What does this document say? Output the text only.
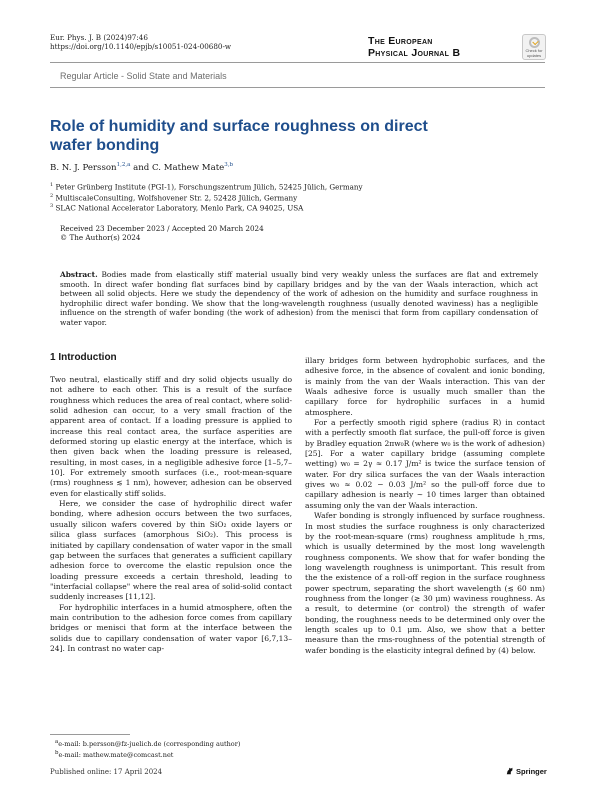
Eur. Phys. J. B (2024)97:46
https://doi.org/10.1140/epjb/s10051-024-00680-w	The European
Physical Journal B	Check for updates
Regular Article - Solid State and Materials
Role of humidity and surface roughness on direct wafer bonding
B. N. J. Persson$^{1,2,a}$ and C. Mathew Mate$^{3,b}$
$^1$ Peter Grünberg Institute (PGI-1), Forschungszentrum Jülich, 52425 Jülich, Germany
$^2$ MultiscaleConsulting, Wolfshovener Str. 2, 52428 Jülich, Germany
$^3$ SLAC National Accelerator Laboratory, Menlo Park, CA 94025, USA
Received 23 December 2023 / Accepted 20 March 2024
© The Author(s) 2024
Abstract. Bodies made from elastically stiff material usually bind very weakly unless the surfaces are flat and extremely smooth. In direct wafer bonding flat surfaces bind by capillary bridges and by the van der Waals interaction, which act between all solid objects. Here we study the dependency of the work of adhesion on the humidity and surface roughness in hydrophilic direct wafer bonding. We show that the long-wavelength roughness (usually denoted waviness) has a negligible influence on the strength of wafer bonding (the work of adhesion) from the menisci that form from capillary condensation of water vapor.
1 Introduction

Two neutral, elastically stiff and dry solid objects usually do not adhere to each other. This is a result of the surface roughness which reduces the area of real contact, where solid-solid adhesion can occur, to a very small fraction of the apparent area of contact. If a loading pressure is applied to increase this real contact area, the surface asperities are deformed storing up elastic energy at the interface, which is then given back when the loading pressure is released, resulting, in most cases, in a negligible adhesive force [1–5,7–10]. For extremely smooth surfaces (i.e., root-mean-square (rms) roughness ≲ 1 nm), however, adhesion can be observed even for elastically stiff solids.

Here, we consider the case of hydrophilic direct wafer bonding, where adhesion occurs between the two surfaces, usually silicon wafers covered by thin SiO₂ oxide layers or silica glass surfaces (amorphous SiO₂). This process is initiated by capillary condensation of water vapor in the small gap between the surfaces that generates a sufficient capillary adhesion force to overcome the elastic repulsion once the loading pressure exceeds a certain threshold, leading to "interfacial collapse" where the real area of solid-solid contact suddenly increases [11,12].

For hydrophilic interfaces in a humid atmosphere, often the main contribution to the adhesion force comes from capillary bridges or menisci that form at the interface between the solids due to capillary condensation of water vapor [6,7,13–24]. In contrast no water cap-

$^a$e-mail: b.persson@fz-juelich.de (corresponding author)
$^b$e-mail: mathew.mate@comcast.net

illary bridges form between hydrophobic surfaces, and the adhesive force, in the absence of covalent and ionic bonding, is mainly from the van der Waals interaction. This van der Waals adhesive force is usually much smaller than the capillary force for hydrophilic surfaces in a humid atmosphere.

For a perfectly smooth rigid sphere (radius R) in contact with a perfectly smooth flat surface, the pull-off force is given by Bradley equation 2πw₀R (where w₀ is the work of adhesion) [25]. For a water capillary bridge (assuming complete wetting) w₀ = 2γ ≈ 0.17 J/m² is twice the surface tension of water. For dry silica surfaces the van der Waals interaction gives w₀ ≈ 0.02 − 0.03 J/m² so the pull-off force due to capillary adhesion is nearly ~ 10 times larger than obtained assuming only the van der Waals interaction.

Wafer bonding is strongly influenced by surface roughness. In most studies the surface roughness is only characterized by the root-mean-square (rms) roughness amplitude h_rms, which is usually determined by the most long wavelength roughness components. We show that for wafer bonding the long wavelength roughness is unimportant. This result from the the existence of a roll-off region in the surface roughness power spectrum, separating the short wavelength (≲ 60 nm) roughness from the longer (≳ 30 μm) waviness roughness. As a result, to determine (or control) the strength of wafer bonding, the roughness needs to be determined only over the length scales up to 0.1 μm. Also, we show that a better measure than the rms-roughness of the potential strength of wafer bonding is the elasticity integral defined by (4) below.

Published online: 17 April 2024	Springer
